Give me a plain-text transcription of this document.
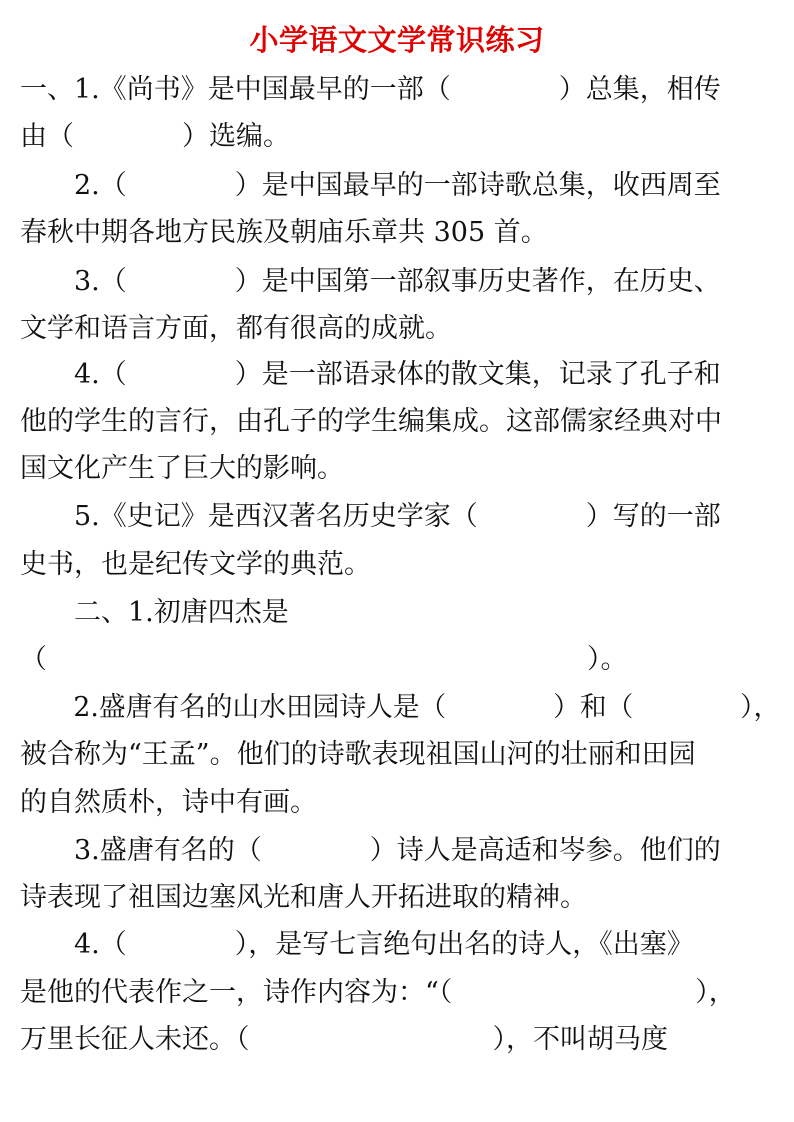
小学语文文学常识练习
一、1.《尚书》是中国最早的一部（　　　　）总集，相传
由（　　　　）选编。
　　2.（　　　　）是中国最早的一部诗歌总集，收西周至
春秋中期各地方民族及朝庙乐章共 305 首。
　　3.（　　　　）是中国第一部叙事历史著作，在历史、
文学和语言方面，都有很高的成就。
　　4.（　　　　）是一部语录体的散文集，记录了孔子和
他的学生的言行，由孔子的学生编集成。这部儒家经典对中
国文化产生了巨大的影响。
　　5.《史记》是西汉著名历史学家（　　　　）写的一部
史书，也是纪传文学的典范。
　　二、1.初唐四杰是
（　　　　　　　　　　　　　　　　　　　　）。
　　2.盛唐有名的山水田园诗人是（　　　　）和（　　　　），
被合称为“王孟”。他们的诗歌表现祖国山河的壮丽和田园
的自然质朴，诗中有画。
　　3.盛唐有名的（　　　　）诗人是高适和岑参。他们的
诗表现了祖国边塞风光和唐人开拓进取的精神。
　　4.（　　　　），是写七言绝句出名的诗人，《出塞》
是他的代表作之一，诗作内容为：“（　　　　　　　　　），
万里长征人未还。（　　　　　　　　　），不叫胡马度
